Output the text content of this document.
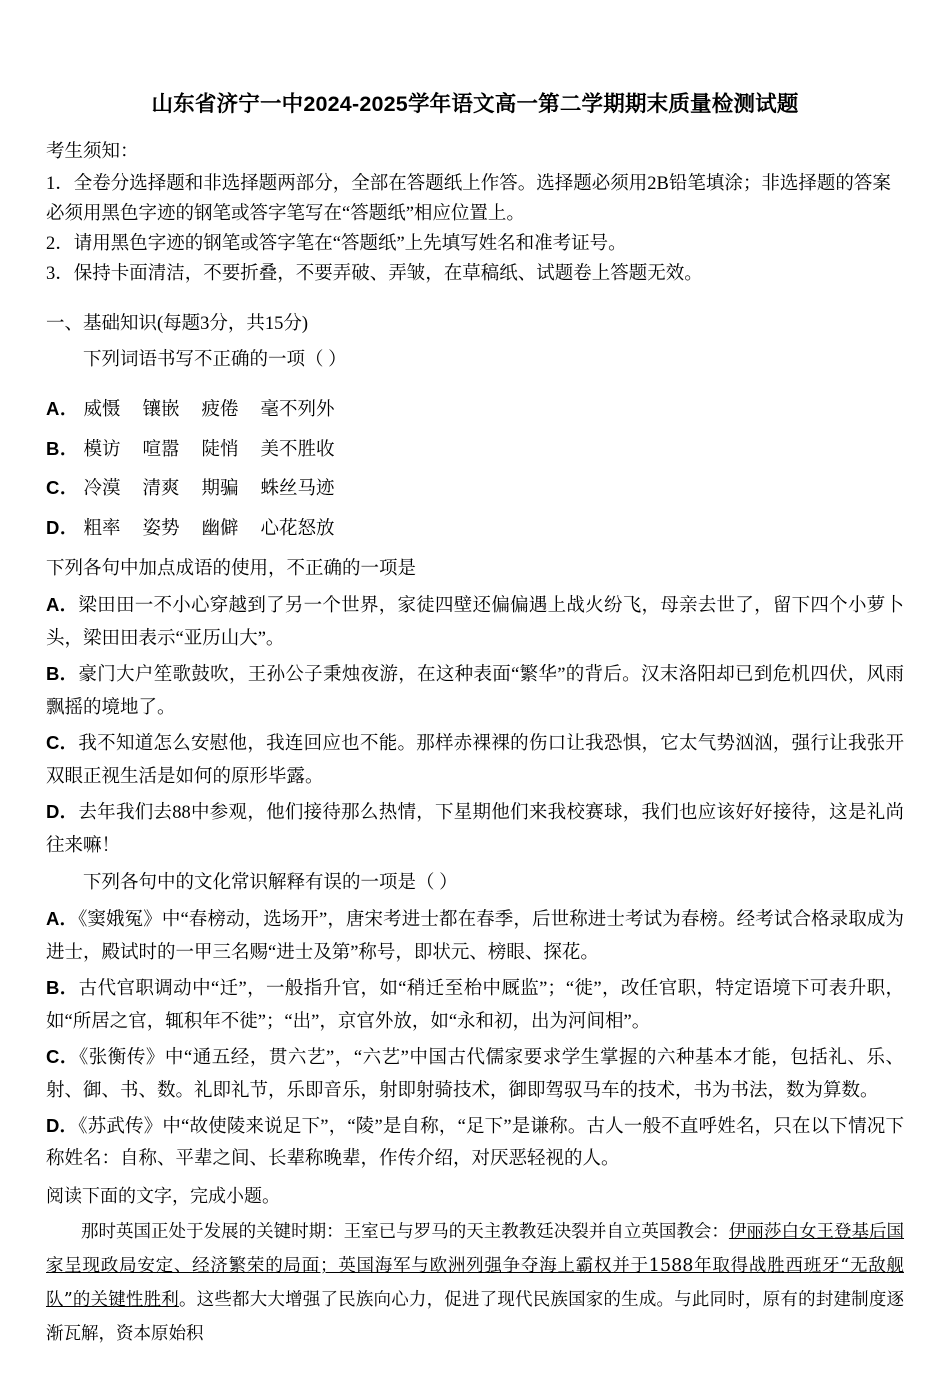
山东省济宁一中2024-2025学年语文高一第二学期期末质量检测试题

考生须知：

1．全卷分选择题和非选择题两部分，全部在答题纸上作答。选择题必须用2B铅笔填涂；非选择题的答案必须用黑色字迹的钢笔或答字笔写在“答题纸”相应位置上。

2．请用黑色字迹的钢笔或答字笔在“答题纸”上先填写姓名和准考证号。

3．保持卡面清洁，不要折叠，不要弄破、弄皱，在草稿纸、试题卷上答题无效。

一、基础知识(每题3分，共15分)

下列词语书写不正确的一项（ ）

A． 威慑 镶嵌 疲倦 毫不列外

B． 模访 喧嚣 陡悄 美不胜收

C． 冷漠 清爽 期骗 蛛丝马迹

D． 粗率 姿势 幽僻 心花怒放

下列各句中加点成语的使用，不正确的一项是

A．梁田田一不小心穿越到了另一个世界，家徒四壁还偏偏遇上战火纷飞，母亲去世了，留下四个小萝卜头，梁田田表示“亚历山大”。

B．豪门大户笙歌鼓吹，王孙公子秉烛夜游，在这种表面“繁华”的背后。汉末洛阳却已到危机四伏，风雨飘摇的境地了。

C．我不知道怎么安慰他，我连回应也不能。那样赤裸裸的伤口让我恐惧，它太气势汹汹，强行让我张开双眼正视生活是如何的原形毕露。

D．去年我们去88中参观，他们接待那么热情，下星期他们来我校赛球，我们也应该好好接待，这是礼尚往来嘛！

下列各句中的文化常识解释有误的一项是（ ）

A．《窦娥冤》中“春榜动，选场开”，唐宋考进士都在春季，后世称进士考试为春榜。经考试合格录取成为进士，殿试时的一甲三名赐“进士及第”称号，即状元、榜眼、探花。

B．古代官职调动中“迁”，一般指升官，如“稍迁至枱中厩监”；“徙”，改任官职，特定语境下可表升职，如“所居之官，辄积年不徙”；“出”，京官外放，如“永和初，出为河间相”。

C．《张衡传》中“通五经，贯六艺”，“六艺”中国古代儒家要求学生掌握的六种基本才能，包括礼、乐、射、御、书、数。礼即礼节，乐即音乐，射即射骑技术，御即驾驭马车的技术，书为书法，数为算数。

D．《苏武传》中“故使陵来说足下”，“陵”是自称，“足下”是谦称。古人一般不直呼姓名，只在以下情况下称姓名：自称、平辈之间、长辈称晚辈，作传介绍，对厌恶轻视的人。

阅读下面的文字，完成小题。

那时英国正处于发展的关键时期：王室已与罗马的天主教教廷决裂并自立英国教会：伊丽莎白女王登基后国家呈现政局安定、经济繁荣的局面；英国海军与欧洲列强争夺海上霸权并于1588年取得战胜西班牙“无敌舰队”的关键性胜利。这些都大大增强了民族向心力，促进了现代民族国家的生成。与此同时，原有的封建制度逐渐瓦解，资本原始积
